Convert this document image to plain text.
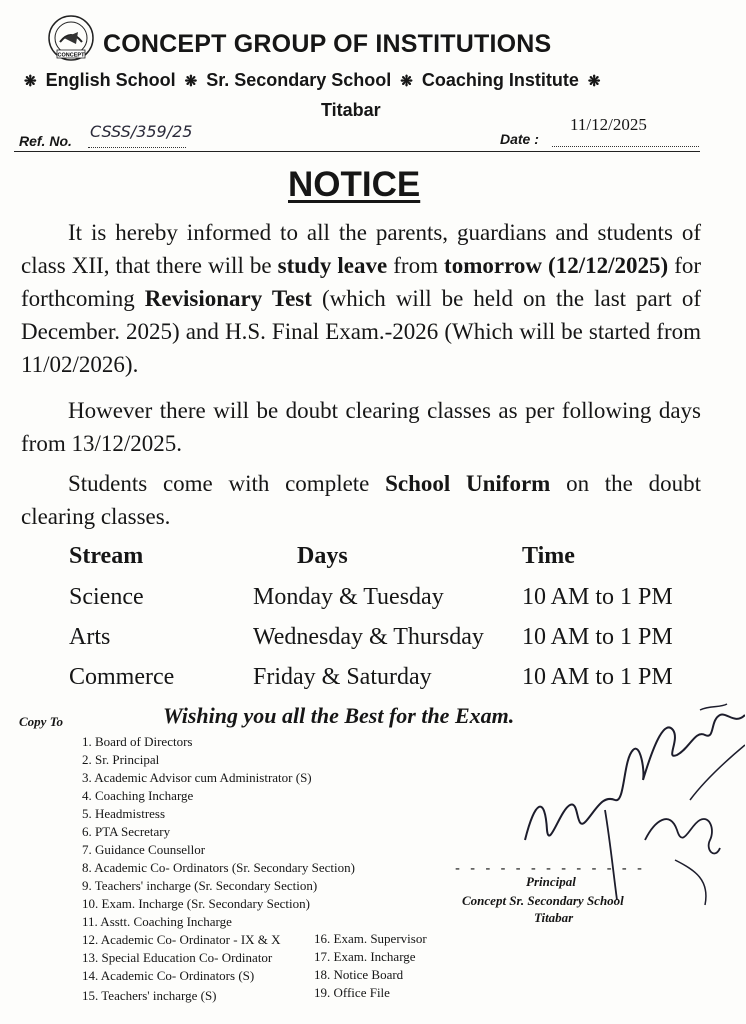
CONCEPT CONCEPT GROUP OF INSTITUTIONS
❋ English School ❋ Sr. Secondary School ❋ Coaching Institute ❋
Titabar
Ref. No. CSSS/359/25	Date :
11/12/2025
NOTICE
It is hereby informed to all the parents, guardians and students of class XII, that there will be study leave from tomorrow (12/12/2025) for forthcoming Revisionary Test (which will be held on the last part of December. 2025) and H.S. Final Exam.-2026 (Which will be started from 11/02/2026).
However there will be doubt clearing classes as per following days from 13/12/2025.
Students come with complete School Uniform on the doubt clearing classes.
Stream	Days	Time
Science	Monday & Tuesday	10 AM to 1 PM
Arts	Wednesday & Thursday 10 AM to 1 PM
Commerce	Friday & Saturday	10 AM to 1 PM
Wishing you all the Best for the Exam.
Copy To
1. Board of Directors
2. Sr. Principal
3. Academic Advisor cum Administrator (S)
4. Coaching Incharge
5. Headmistress
6. PTA Secretary
7. Guidance Counsellor
8. Academic Co- Ordinators (Sr. Secondary Section)
9. Teachers' incharge (Sr. Secondary Section)
10. Exam. Incharge (Sr. Secondary Section)
11. Asstt. Coaching Incharge
12. Academic Co- Ordinator - IX & X
13. Special Education Co- Ordinator
14. Academic Co- Ordinators (S)
15. Teachers' incharge (S)
16. Exam. Supervisor
17. Exam. Incharge
18. Notice Board
19. Office File
- - - - - - - - - - - - -
Principal
Concept Sr. Secondary School
Titabar
